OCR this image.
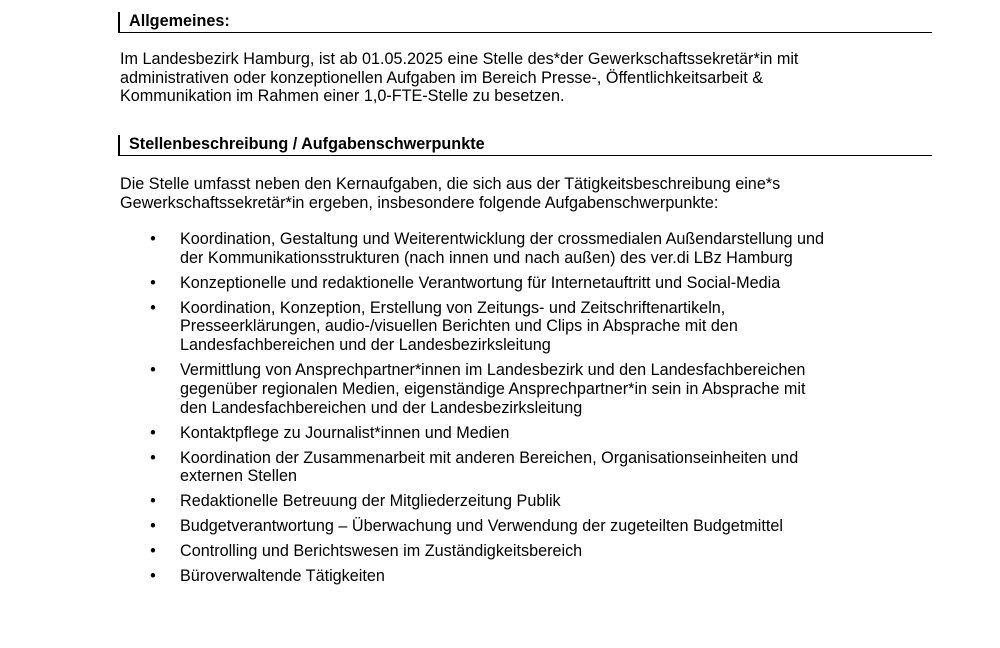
Allgemeines:

Im Landesbezirk Hamburg, ist ab 01.05.2025 eine Stelle des*der Gewerkschaftssekretär*in mit
administrativen oder konzeptionellen Aufgaben im Bereich Presse-, Öffentlichkeitsarbeit &
Kommunikation im Rahmen einer 1,0-FTE-Stelle zu besetzen.

Stellenbeschreibung / Aufgabenschwerpunkte

Die Stelle umfasst neben den Kernaufgaben, die sich aus der Tätigkeitsbeschreibung eine*s
Gewerkschaftssekretär*in ergeben, insbesondere folgende Aufgabenschwerpunkte:

• Koordination, Gestaltung und Weiterentwicklung der crossmedialen Außendarstellung und
der Kommunikationsstrukturen (nach innen und nach außen) des ver.di LBz Hamburg
• Konzeptionelle und redaktionelle Verantwortung für Internetauftritt und Social-Media
• Koordination, Konzeption, Erstellung von Zeitungs- und Zeitschriftenartikeln,
Presseerklärungen, audio-/visuellen Berichten und Clips in Absprache mit den
Landesfachbereichen und der Landesbezirksleitung
• Vermittlung von Ansprechpartner*innen im Landesbezirk und den Landesfachbereichen
gegenüber regionalen Medien, eigenständige Ansprechpartner*in sein in Absprache mit
den Landesfachbereichen und der Landesbezirksleitung
• Kontaktpflege zu Journalist*innen und Medien
• Koordination der Zusammenarbeit mit anderen Bereichen, Organisationseinheiten und
externen Stellen
• Redaktionelle Betreuung der Mitgliederzeitung Publik
• Budgetverantwortung – Überwachung und Verwendung der zugeteilten Budgetmittel
• Controlling und Berichtswesen im Zuständigkeitsbereich
• Büroverwaltende Tätigkeiten
